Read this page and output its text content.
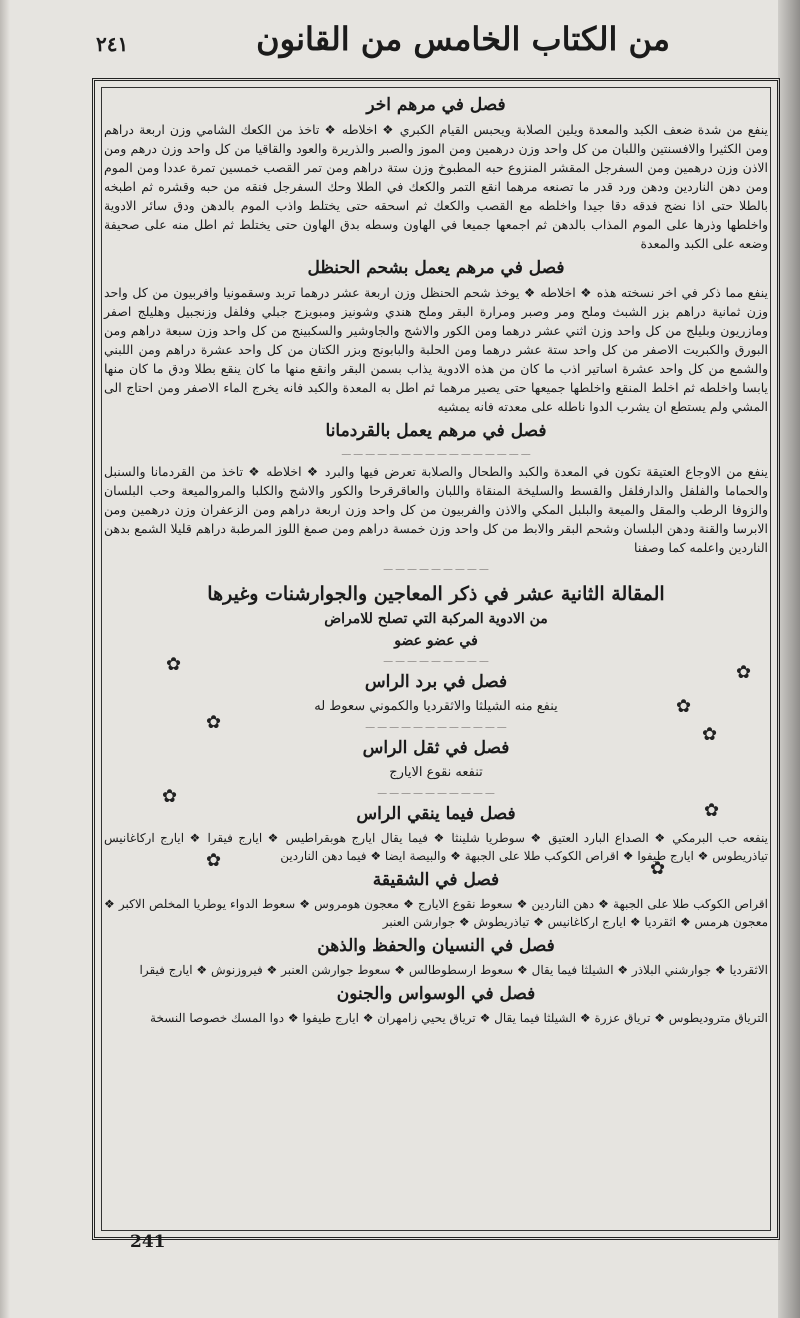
٢٤١	من الكتاب الخامس من القانون
فصل في مرهم اخر

ينفع من شدة ضعف الكبد والمعدة ويلين الصلابة ويحبس القيام الكبري ❖ اخلاطه ❖ تاخذ من الكعك الشامي وزن اربعة دراهم ومن الكثيرا والافسنتين واللبان من كل واحد وزن درهمين ومن الموز والصبر والذريرة والعود والقاقيا من كل واحد وزن درهم ومن الاذن وزن درهمين ومن السفرجل المقشر المنزوع حبه المطبوخ وزن ستة دراهم ومن تمر القصب خمسين تمرة عددا ومن الموم ومن دهن الناردين ودهن ورد قدر ما تصنعه مرهما انقع التمر والكعك في الطلا وحك السفرجل فنقه من حبه وقشره ثم اطبخه بالطلا حتى اذا نضج فدقه دقا جيدا واخلطه مع القصب والكعك ثم اسحقه حتى يختلط واذب الموم بالدهن ودق سائر الادوية واخلطها وذرها على الموم المذاب بالدهن ثم اجمعها جميعا في الهاون وسطه بدق الهاون حتى يختلط ثم اطل منه على صحيفة وضعه على الكبد والمعدة

فصل في مرهم يعمل بشحم الحنظل

ينفع مما ذكر في اخر نسخته هذه ❖ اخلاطه ❖ يوخذ شحم الحنظل وزن اربعة عشر درهما تربد وسقمونيا وافربيون من كل واحد وزن ثمانية دراهم بزر الشبث وملح ومر وصبر ومرارة البقر وملح هندي وشونيز ومبويزج جبلي وفلفل وزنجبيل وهليلج اصفر ومازريون وبليلج من كل واحد وزن اثني عشر درهما ومن الكور والاشج والجاوشير والسكبينج من كل واحد وزن سبعة دراهم ومن البورق والكبريت الاصفر من كل واحد ستة عشر درهما ومن الحلبة والبابونج وبزر الكتان من كل واحد عشرة دراهم ومن اللبني والشمع من كل واحد عشرة اساتير اذب ما كان من هذه الادوية يذاب بسمن البقر وانقع منها ما كان ينقع بطلا ودق ما كان منها يابسا واخلطه ثم اخلط المنقع واخلطها جميعها حتى يصير مرهما ثم اطل به المعدة والكبد فانه يخرج الماء الاصفر ومن احتاج الى المشي ولم يستطع ان يشرب الدوا ناطله على معدته فانه يمشيه

فصل في مرهم يعمل بالقردمانا
ـــ ـــ ـــ ـــ ـــ ـــ ـــ ـــ ـــ ـــ ـــ ـــ ـــ ـــ ـــ ـــ

ينفع من الاوجاع العتيقة تكون في المعدة والكبد والطحال والصلابة تعرض فيها والبرد ❖ اخلاطه ❖ تاخذ من القردمانا والسنبل والحماما والفلفل والدارفلفل والقسط والسليخة المنقاة واللبان والعاقرقرحا والكور والاشج والكلبا والمروالميعة وحب البلسان والزوفا الرطب والمقل والميعة والبلبل المكي والاذن والفربيون من كل واحد وزن اربعة دراهم ومن الزعفران وزن درهمين ومن الابرسا والقنة ودهن البلسان وشحم البقر والابط من كل واحد وزن خمسة دراهم ومن صمغ اللوز المرطبة دراهم قليلا الشمع بدهن الناردين واعلمه كما وصفنا

ـــ ـــ ـــ ـــ ـــ ـــ ـــ ـــ ـــ
المقالة الثانية عشر في ذكر المعاجين والجوارشنات وغيرها
من الادوية المركبة التي تصلح للامراض
في عضو عضو
ـــ ـــ ـــ ـــ ـــ ـــ ـــ ـــ ـــ
فصل في برد الراس
ينفع منه الشيلثا والاثقرديا والكموني سعوط له
ـــ ـــ ـــ ـــ ـــ ـــ ـــ ـــ ـــ ـــ ـــ ـــ
فصل في ثقل الراس
تنفعه نقوع الايارج
ـــ ـــ ـــ ـــ ـــ ـــ ـــ ـــ ـــ ـــ
فصل فيما ينقي الراس

ينفعه حب البرمكي ❖ الصداع البارد العتيق ❖ سوطريا شلينثا ❖ فيما يقال ايارج هوبقراطيس ❖ ايارج فيقرا ❖ ايارج اركاغانيس تياذريطوس ❖ ايارج طيفوا ❖ اقراص الكوكب طلا على الجبهة ❖ والبيصة ايضا ❖ فيما دهن الناردين

فصل في الشقيقة

اقراص الكوكب طلا على الجبهة ❖ دهن الناردين ❖ سعوط نقوع الايارج ❖ معجون هومروس ❖ سعوط الدواء يوطريا المخلص الاكبر ❖ معجون هرمس ❖ اثقرديا ❖ ايارج اركاغانيس ❖ تياذريطوش ❖ جوارشن العنبر

فصل في النسيان والحفظ والذهن

الاثقرديا ❖ جوارشني البلاذر ❖ الشيلثا فيما يقال ❖ سعوط ارسطوطالس ❖ سعوط جوارشن العنبر ❖ فيروزنوش ❖ ايارج فيقرا

فصل في الوسواس والجنون

الترياق متروديطوس ❖ ترياق عزرة ❖ الشيلثا فيما يقال ❖ ترياق يحيي زامهران ❖ ايارج طيفوا ❖ دوا المسك خصوصا النسخة

✿
✿
✿
✿
✿
✿
✿
✿	✿
241
